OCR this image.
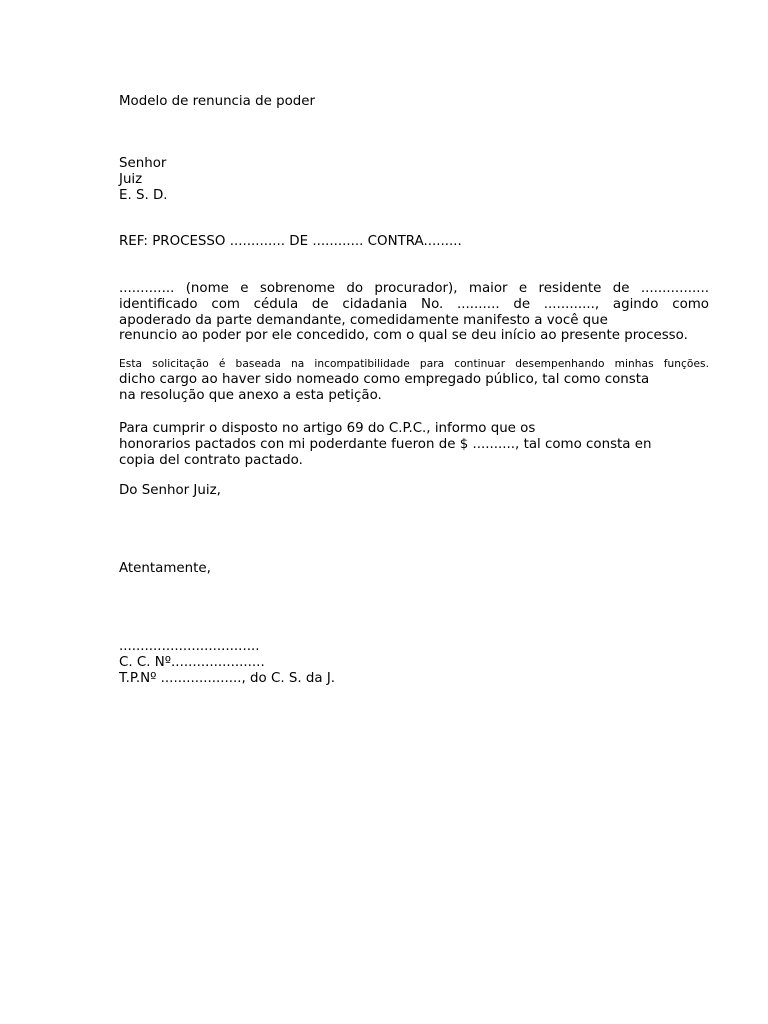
Modelo de renuncia de poder
Senhor
Juiz
E. S. D.
REF: PROCESSO ............. DE ............ CONTRA.........
............. (nome e sobrenome do procurador), maior e residente de ................
identificado com cédula de cidadania No. .......... de ............, agindo como
apoderado da parte demandante, comedidamente manifesto a você que
renuncio ao poder por ele concedido, com o qual se deu início ao presente processo.
Esta solicitação é baseada na incompatibilidade para continuar desempenhando minhas funções.
dicho cargo ao haver sido nomeado como empregado público, tal como consta
na resolução que anexo a esta petição.
Para cumprir o disposto no artigo 69 do C.P.C., informo que os
honorarios pactados con mi poderdante fueron de $ .........., tal como consta en
copia del contrato pactado.
Do Senhor Juiz,
Atentamente,
.................................
C. C. Nº......................
T.P.Nº ..................., do C. S. da J.
